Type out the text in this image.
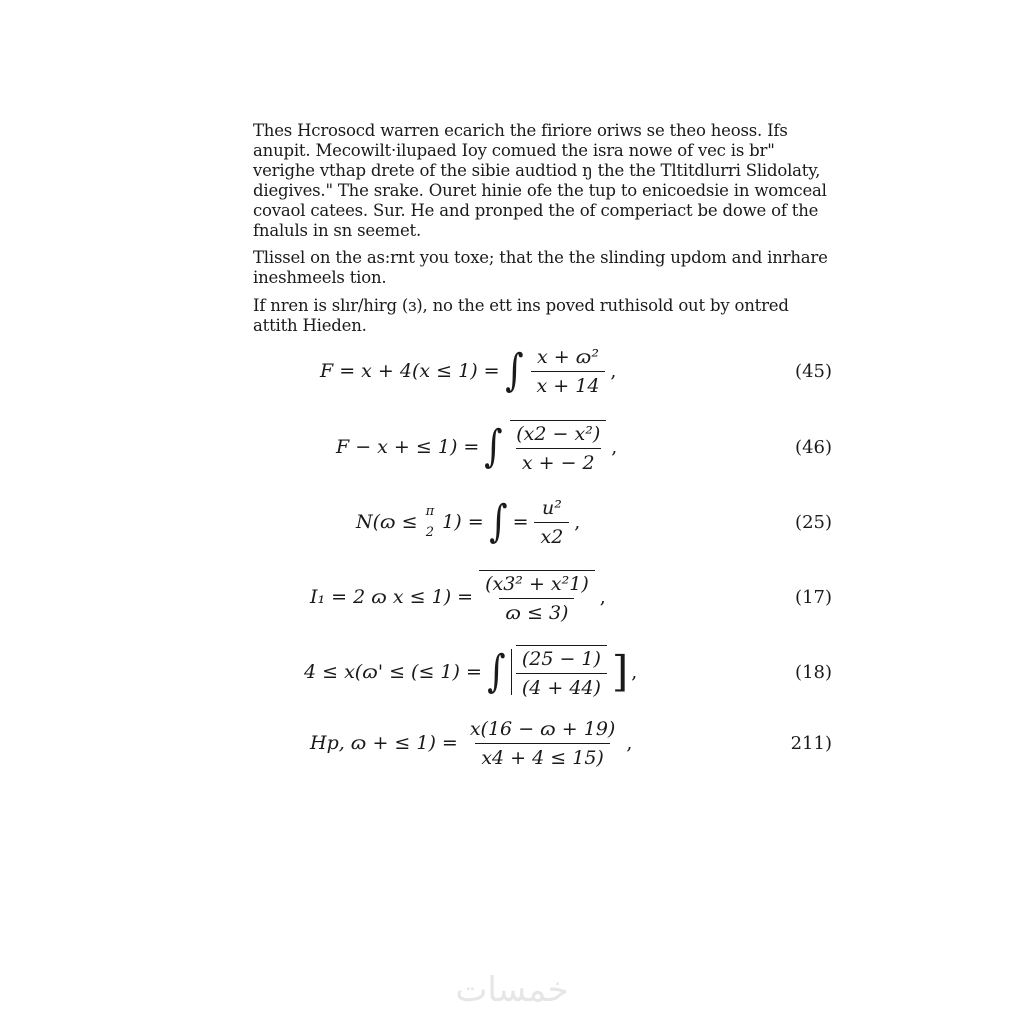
Thes Hcrosocd warren ecarich the firiore oriws se theo heoss. Ifs
anupit. Mecowilt·ilupaed Ioy comued the isra nowe of vec is br"
verighe vthap drete of the sibie audtiod ŋ the the Tltitdlurri Slidolaty,
diegives." The srake. Ouret hinie ofe the tup to enicoedsie in womceal
covaol catees. Sur. He and pronped the of comperiact be dowe of the
fnaluls in sn seemet.
Tlissel on the as:rnt you toxe; that the the slinding updom and inrhare
ineshmeels tion.
If nren is slır/hirg (ɜ), no the ett ins poved ruthisold out by ontred
attith Hieden.
F = x + 4(x ≤ 1) = ∫ $\frac{\text{x + ɷ²}}{x + 14}$ ,	(45)
F − x + ≤ 1) = ∫ $\frac{\text{(x2 − x²)}}{x + - 2}$ ,	(46)
N(ɷ ≤ π
2 1) = ∫ = $\frac{\text{u²}}{x2}$ ,	(25)
I₁ = 2 ɷ $x \le 1) = \frac{\text{(x3² + x²1)}}{\text{ɷ ≤ 3)}}$ ,	(17)
4 ≤ x(ɷ' ≤ (≤ 1) = ∫ $\frac{(25 - 1)}{(4 + 44)}$ ] ,	(18)
Hp, ɷ + ≤ $1) = \frac{\text{x(16 − ɷ + 19)}}{x4 + 4 \le 15)}$ ,	211)
خمسات
